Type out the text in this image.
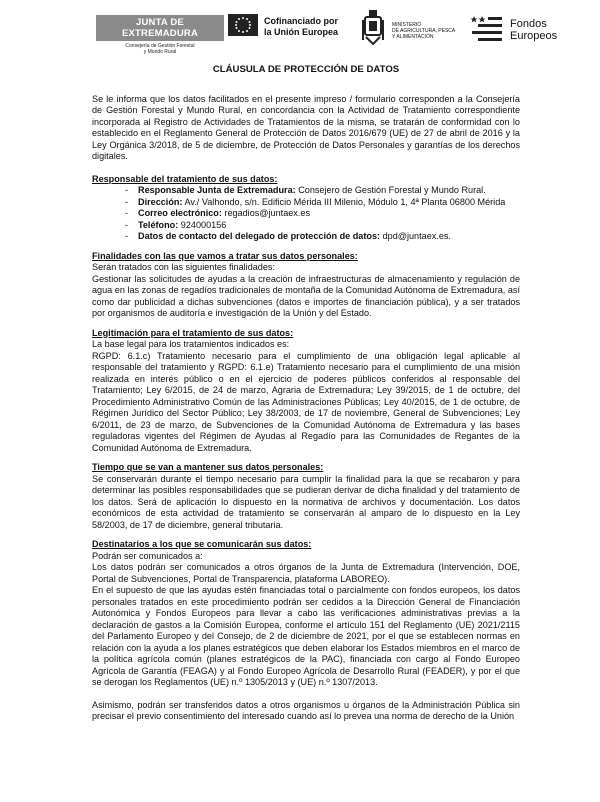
JUNTA DE EXTREMADURA
Consejería de Gestión Forestal
y Mundo Rural
Cofinanciado por
la Unión Europea
MINISTERIO
DE AGRICULTURA, PESCA
Y ALIMENTACIÓN
Fondos
Europeos
CLÁUSULA DE PROTECCIÓN DE DATOS

Se le informa que los datos facilitados en el presente impreso / formulario corresponden a la Consejería de Gestión Forestal y Mundo Rural, en concordancia con la Actividad de Tratamiento correspondiente incorporada al Registro de Actividades de Tratamientos de la misma, se tratarán de conformidad con lo establecido en el Reglamento General de Protección de Datos 2016/679 (UE) de 27 de abril de 2016 y la Ley Orgánica 3/2018, de 5 de diciembre, de Protección de Datos Personales y garantías de los derechos digitales.

Responsable del tratamiento de sus datos:
- Responsable Junta de Extremadura: Consejero de Gestión Forestal y Mundo Rural.
- Dirección: Av./ Valhondo, s/n. Edificio Mérida III Milenio, Módulo 1, 4ª Planta 06800 Mérida
- Correo electrónico: regadios@juntaex.es
- Teléfono: 924000156
- Datos de contacto del delegado de protección de datos: dpd@juntaex.es.
Finalidades con las que vamos a tratar sus datos personales:

Serán tratados con las siguientes finalidades:

Gestionar las solicitudes de ayudas a la creación de infraestructuras de almacenamiento y regulación de agua en las zonas de regadíos tradicionales de montaña de la Comunidad Autónoma de Extremadura, así como dar publicidad a dichas subvenciones (datos e importes de financiación pública), y a ser tratados por organismos de auditoría e investigación de la Unión y del Estado.

Legitimación para el tratamiento de sus datos:

La base legal para los tratamientos indicados es:

RGPD: 6.1.c) Tratamiento necesario para el cumplimiento de una obligación legal aplicable al responsable del tratamiento y RGPD: 6.1.e) Tratamiento necesario para el cumplimiento de una misión realizada en interés público o en el ejercicio de poderes públicos conferidos al responsable del Tratamiento; Ley 6/2015, de 24 de marzo, Agraria de Extremadura; Ley 39/2015, de 1 de octubre, del Procedimiento Administrativo Común de las Administraciones Públicas; Ley 40/2015, de 1 de octubre, de Régimen Jurídico del Sector Público; Ley 38/2003, de 17 de noviembre, General de Subvenciones; Ley 6/2011, de 23 de marzo, de Subvenciones de la Comunidad Autónoma de Extremadura y las bases reguladoras vigentes del Régimen de Ayudas al Regadío para las Comunidades de Regantes de la Comunidad Autónoma de Extremadura.

Tiempo que se van a mantener sus datos personales:

Se conservarán durante el tiempo necesario para cumplir la finalidad para la que se recabaron y para determinar las posibles responsabilidades que se pudieran derivar de dicha finalidad y del tratamiento de los datos. Será de aplicación lo dispuesto en la normativa de archivos y documentación. Los datos económicos de esta actividad de tratamiento se conservarán al amparo de lo dispuesto en la Ley 58/2003, de 17 de diciembre, general tributaria.

Destinatarios a los que se comunicarán sus datos:

Podrán ser comunicados a:

Los datos podrán ser comunicados a otros órganos de la Junta de Extremadura (Intervención, DOE, Portal de Subvenciones, Portal de Transparencia, plataforma LABOREO).

En el supuesto de que las ayudas estén financiadas total o parcialmente con fondos europeos, los datos personales tratados en este procedimiento podrán ser cedidos a la Dirección General de Financiación Autonómica y Fondos Europeos para llevar a cabo las verificaciones administrativas previas a la declaración de gastos a la Comisión Europea, conforme el artículo 151 del Reglamento (UE) 2021/2115 del Parlamento Europeo y del Consejo, de 2 de diciembre de 2021, por el que se establecen normas en relación con la ayuda a los planes estratégicos que deben elaborar los Estados miembros en el marco de la política agrícola común (planes estratégicos de la PAC), financiada con cargo al Fondo Europeo Agrícola de Garantía (FEAGA) y al Fondo Europeo Agrícola de Desarrollo Rural (FEADER), y por el que se derogan los Reglamentos (UE) n.º 1305/2013 y (UE) n.º 1307/2013.

Asimismo, podrán ser transferidos datos a otros organismos u órganos de la Administración Pública sin precisar el previo consentimiento del interesado cuando así lo prevea una norma de derecho de la Unión
